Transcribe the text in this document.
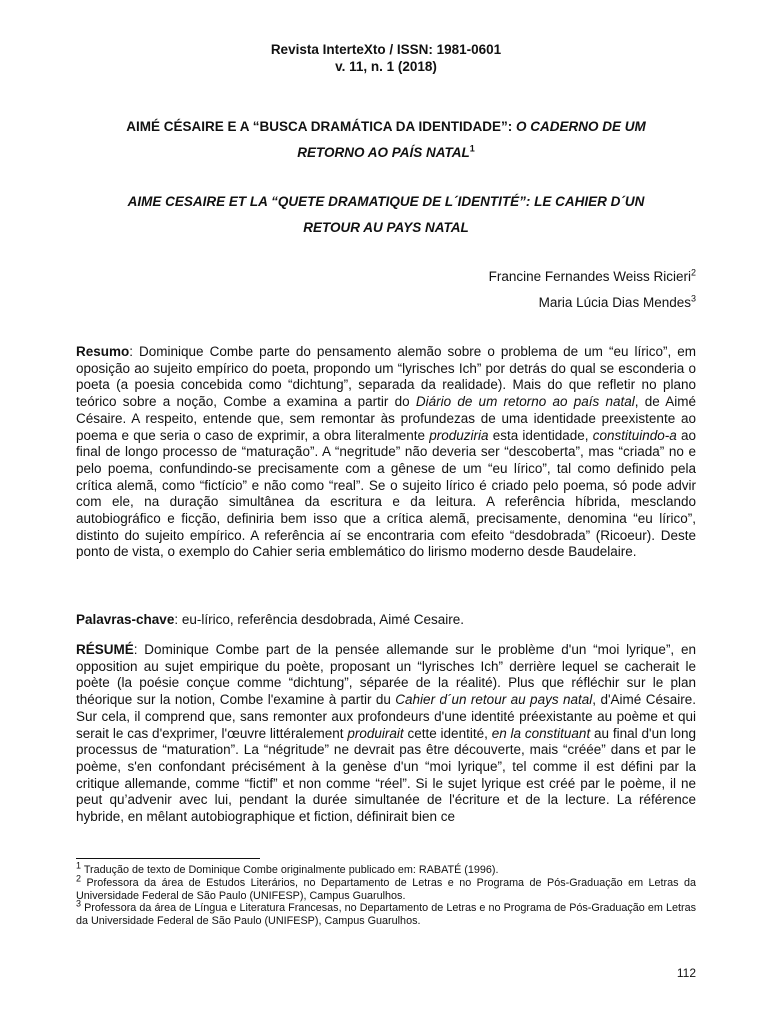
Revista InterteXto / ISSN: 1981-0601
v. 11, n. 1 (2018)
AIMÉ CÉSAIRE E A “BUSCA DRAMÁTICA DA IDENTIDADE”: O CADERNO DE UM
RETORNO AO PAÍS NATAL$^1$
AIME CESAIRE ET LA “QUETE DRAMATIQUE DE L´IDENTITÉ”: LE CAHIER D´UN
RETOUR AU PAYS NATAL
Francine Fernandes Weiss Ricieri$^2$
Maria Lúcia Dias Mendes$^3$
Resumo: Dominique Combe parte do pensamento alemão sobre o problema de um “eu lírico”, em oposição ao sujeito empírico do poeta, propondo um “lyrisches Ich” por detrás do qual se esconderia o poeta (a poesia concebida como “dichtung”, separada da realidade). Mais do que refletir no plano teórico sobre a noção, Combe a examina a partir do Diário de um retorno ao país natal, de Aimé Césaire. A respeito, entende que, sem remontar às profundezas de uma identidade preexistente ao poema e que seria o caso de exprimir, a obra literalmente produziria esta identidade, constituindo-a ao final de longo processo de “maturação”. A “negritude” não deveria ser “descoberta”, mas “criada” no e pelo poema, confundindo-se precisamente com a gênese de um “eu lírico”, tal como definido pela crítica alemã, como “fictício” e não como “real”. Se o sujeito lírico é criado pelo poema, só pode advir com ele, na duração simultânea da escritura e da leitura. A referência híbrida, mesclando autobiográfico e ficção, definiria bem isso que a crítica alemã, precisamente, denomina “eu lírico”, distinto do sujeito empírico. A referência aí se encontraria com efeito “desdobrada” (Ricoeur). Deste ponto de vista, o exemplo do Cahier seria emblemático do lirismo moderno desde Baudelaire.
Palavras-chave: eu-lírico, referência desdobrada, Aimé Cesaire.
RÉSUMÉ: Dominique Combe part de la pensée allemande sur le problème d'un “moi lyrique”, en opposition au sujet empirique du poète, proposant un “lyrisches Ich” derrière lequel se cacherait le poète (la poésie conçue comme “dichtung”, séparée de la réalité). Plus que réfléchir sur le plan théorique sur la notion, Combe l'examine à partir du Cahier d´un retour au pays natal, d'Aimé Césaire. Sur cela, il comprend que, sans remonter aux profondeurs d'une identité préexistante au poème et qui serait le cas d'exprimer, l'œuvre littéralement produirait cette identité, en la constituant au final d'un long processus de “maturation”. La “négritude” ne devrait pas être découverte, mais “créée” dans et par le poème, s'en confondant précisément à la genèse d'un “moi lyrique”, tel comme il est défini par la critique allemande, comme “fictif” et non comme “réel”. Si le sujet lyrique est créé par le poème, il ne peut qu’advenir avec lui, pendant la durée simultanée de l'écriture et de la lecture. La référence hybride, en mêlant autobiographique et fiction, définirait bien ce
$^1$ Tradução de texto de Dominique Combe originalmente publicado em: RABATÉ (1996).
$^2$ Professora da área de Estudos Literários, no Departamento de Letras e no Programa de Pós-Graduação em Letras da Universidade Federal de São Paulo (UNIFESP), Campus Guarulhos.
$^3$ Professora da área de Língua e Literatura Francesas, no Departamento de Letras e no Programa de Pós-Graduação em Letras da Universidade Federal de São Paulo (UNIFESP), Campus Guarulhos.
112
